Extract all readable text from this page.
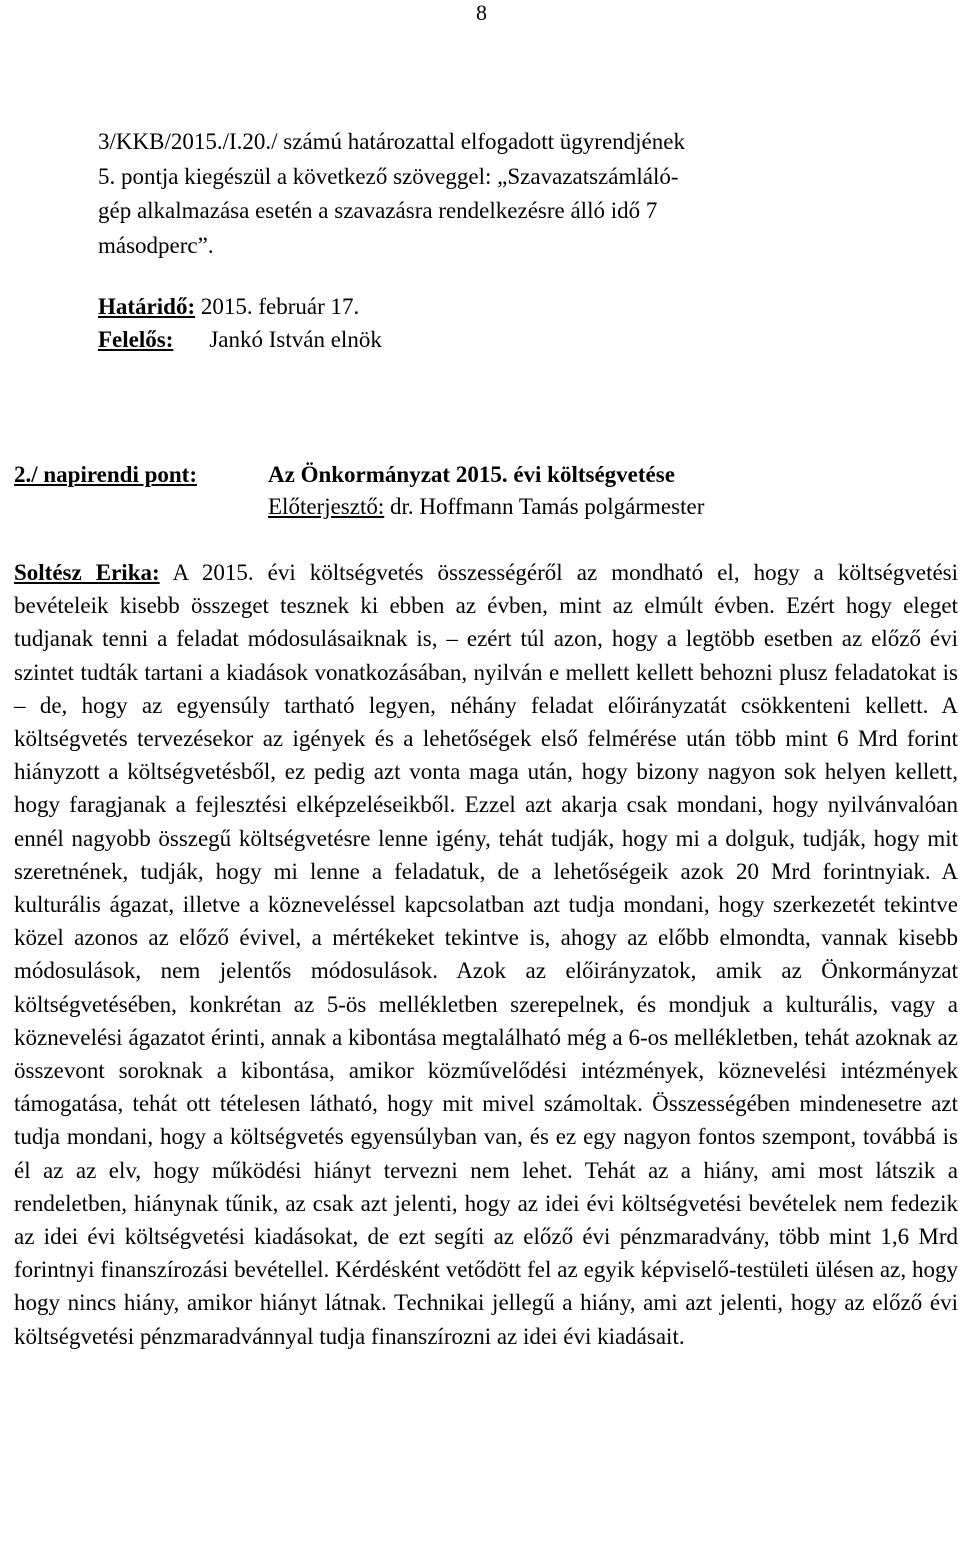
8
3/KKB/2015./I.20./ számú határozattal elfogadott ügyrendjének
5. pontja kiegészül a következő szöveggel: „Szavazatszámláló-
gép alkalmazása esetén a szavazásra rendelkezésre álló idő 7
másodperc”.
Határidő: 2015. február 17.
Felelős: Jankó István elnök
2./ napirendi pont:	Az Önkormányzat 2015. évi költségvetése
Előterjesztő: dr. Hoffmann Tamás polgármester
Soltész Erika: A 2015. évi költségvetés összességéről az mondható el, hogy a költségvetési bevételeik kisebb összeget tesznek ki ebben az évben, mint az elmúlt évben. Ezért hogy eleget tudjanak tenni a feladat módosulásaiknak is, – ezért túl azon, hogy a legtöbb esetben az előző évi szintet tudták tartani a kiadások vonatkozásában, nyilván e mellett kellett behozni plusz feladatokat is – de, hogy az egyensúly tartható legyen, néhány feladat előirányzatát csökkenteni kellett. A költségvetés tervezésekor az igények és a lehetőségek első felmérése után több mint 6 Mrd forint hiányzott a költségvetésből, ez pedig azt vonta maga után, hogy bizony nagyon sok helyen kellett, hogy faragjanak a fejlesztési elképzeléseikből. Ezzel azt akarja csak mondani, hogy nyilvánvalóan ennél nagyobb összegű költségvetésre lenne igény, tehát tudják, hogy mi a dolguk, tudják, hogy mit szeretnének, tudják, hogy mi lenne a feladatuk, de a lehetőségeik azok 20 Mrd forintnyiak. A kulturális ágazat, illetve a közneveléssel kapcsolatban azt tudja mondani, hogy szerkezetét tekintve közel azonos az előző évivel, a mértékeket tekintve is, ahogy az előbb elmondta, vannak kisebb módosulások, nem jelentős módosulások. Azok az előirányzatok, amik az Önkormányzat költségvetésében, konkrétan az 5-ös mellékletben szerepelnek, és mondjuk a kulturális, vagy a köznevelési ágazatot érinti, annak a kibontása megtalálható még a 6-os mellékletben, tehát azoknak az összevont soroknak a kibontása, amikor közművelődési intézmények, köznevelési intézmények támogatása, tehát ott tételesen látható, hogy mit mivel számoltak. Összességében mindenesetre azt tudja mondani, hogy a költségvetés egyensúlyban van, és ez egy nagyon fontos szempont, továbbá is él az az elv, hogy működési hiányt tervezni nem lehet. Tehát az a hiány, ami most látszik a rendeletben, hiánynak tűnik, az csak azt jelenti, hogy az idei évi költségvetési bevételek nem fedezik az idei évi költségvetési kiadásokat, de ezt segíti az előző évi pénzmaradvány, több mint 1,6 Mrd forintnyi finanszírozási bevétellel. Kérdésként vetődött fel az egyik képviselő-testületi ülésen az, hogy hogy nincs hiány, amikor hiányt látnak. Technikai jellegű a hiány, ami azt jelenti, hogy az előző évi költségvetési pénzmaradvánnyal tudja finanszírozni az idei évi kiadásait.
